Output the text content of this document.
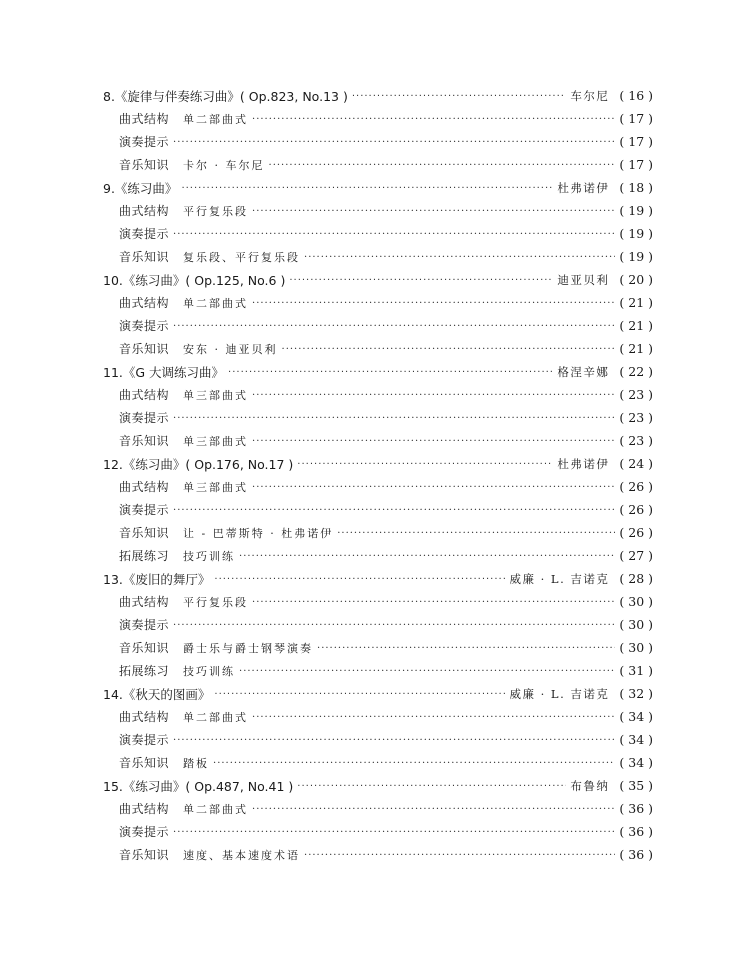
8.《旋律与伴奏练习曲》( Op.823, No.13 ) ·····	车尔尼 ( 16 )
曲式结构 单二部曲式 ·····	( 17 )
演奏提示 ·····	( 17 )
音乐知识 卡尔 · 车尔尼 ·····	( 17 )
9.《练习曲》 ·····	杜弗诺伊 ( 18 )
曲式结构 平行复乐段 ·····	( 19 )
演奏提示 ·····	( 19 )
音乐知识 复乐段、平行复乐段 ·····	( 19 )
10.《练习曲》( Op.125, No.6 ) ·····	迪亚贝利 ( 20 )
曲式结构 单二部曲式 ·····	( 21 )
演奏提示 ·····	( 21 )
音乐知识 安东 · 迪亚贝利 ·····	( 21 )
11.《G 大调练习曲》 ·····	格涅辛娜 ( 22 )
曲式结构 单三部曲式 ·····	( 23 )
演奏提示 ·····	( 23 )
音乐知识 单三部曲式 ·····	( 23 )
12.《练习曲》( Op.176, No.17 ) ·····	杜弗诺伊 ( 24 )
曲式结构 单三部曲式 ·····	( 26 )
演奏提示 ·····	( 26 )
音乐知识 让 - 巴蒂斯特 · 杜弗诺伊 ·····	( 26 )
拓展练习 技巧训练 ·····	( 27 )
13.《废旧的舞厅》 ·····	威廉 · L. 吉诺克 ( 28 )
曲式结构 平行复乐段 ·····	( 30 )
演奏提示 ·····	( 30 )
音乐知识 爵士乐与爵士钢琴演奏 ·····	( 30 )
拓展练习 技巧训练 ·····	( 31 )
14.《秋天的图画》 ·····	威廉 · L. 吉诺克 ( 32 )
曲式结构 单二部曲式 ·····	( 34 )
演奏提示 ·····	( 34 )
音乐知识 踏板 ·····	( 34 )
15.《练习曲》( Op.487, No.41 ) ·····	布鲁纳 ( 35 )
曲式结构 单二部曲式 ·····	( 36 )
演奏提示 ·····	( 36 )
音乐知识 速度、基本速度术语 ·····	( 36 )
